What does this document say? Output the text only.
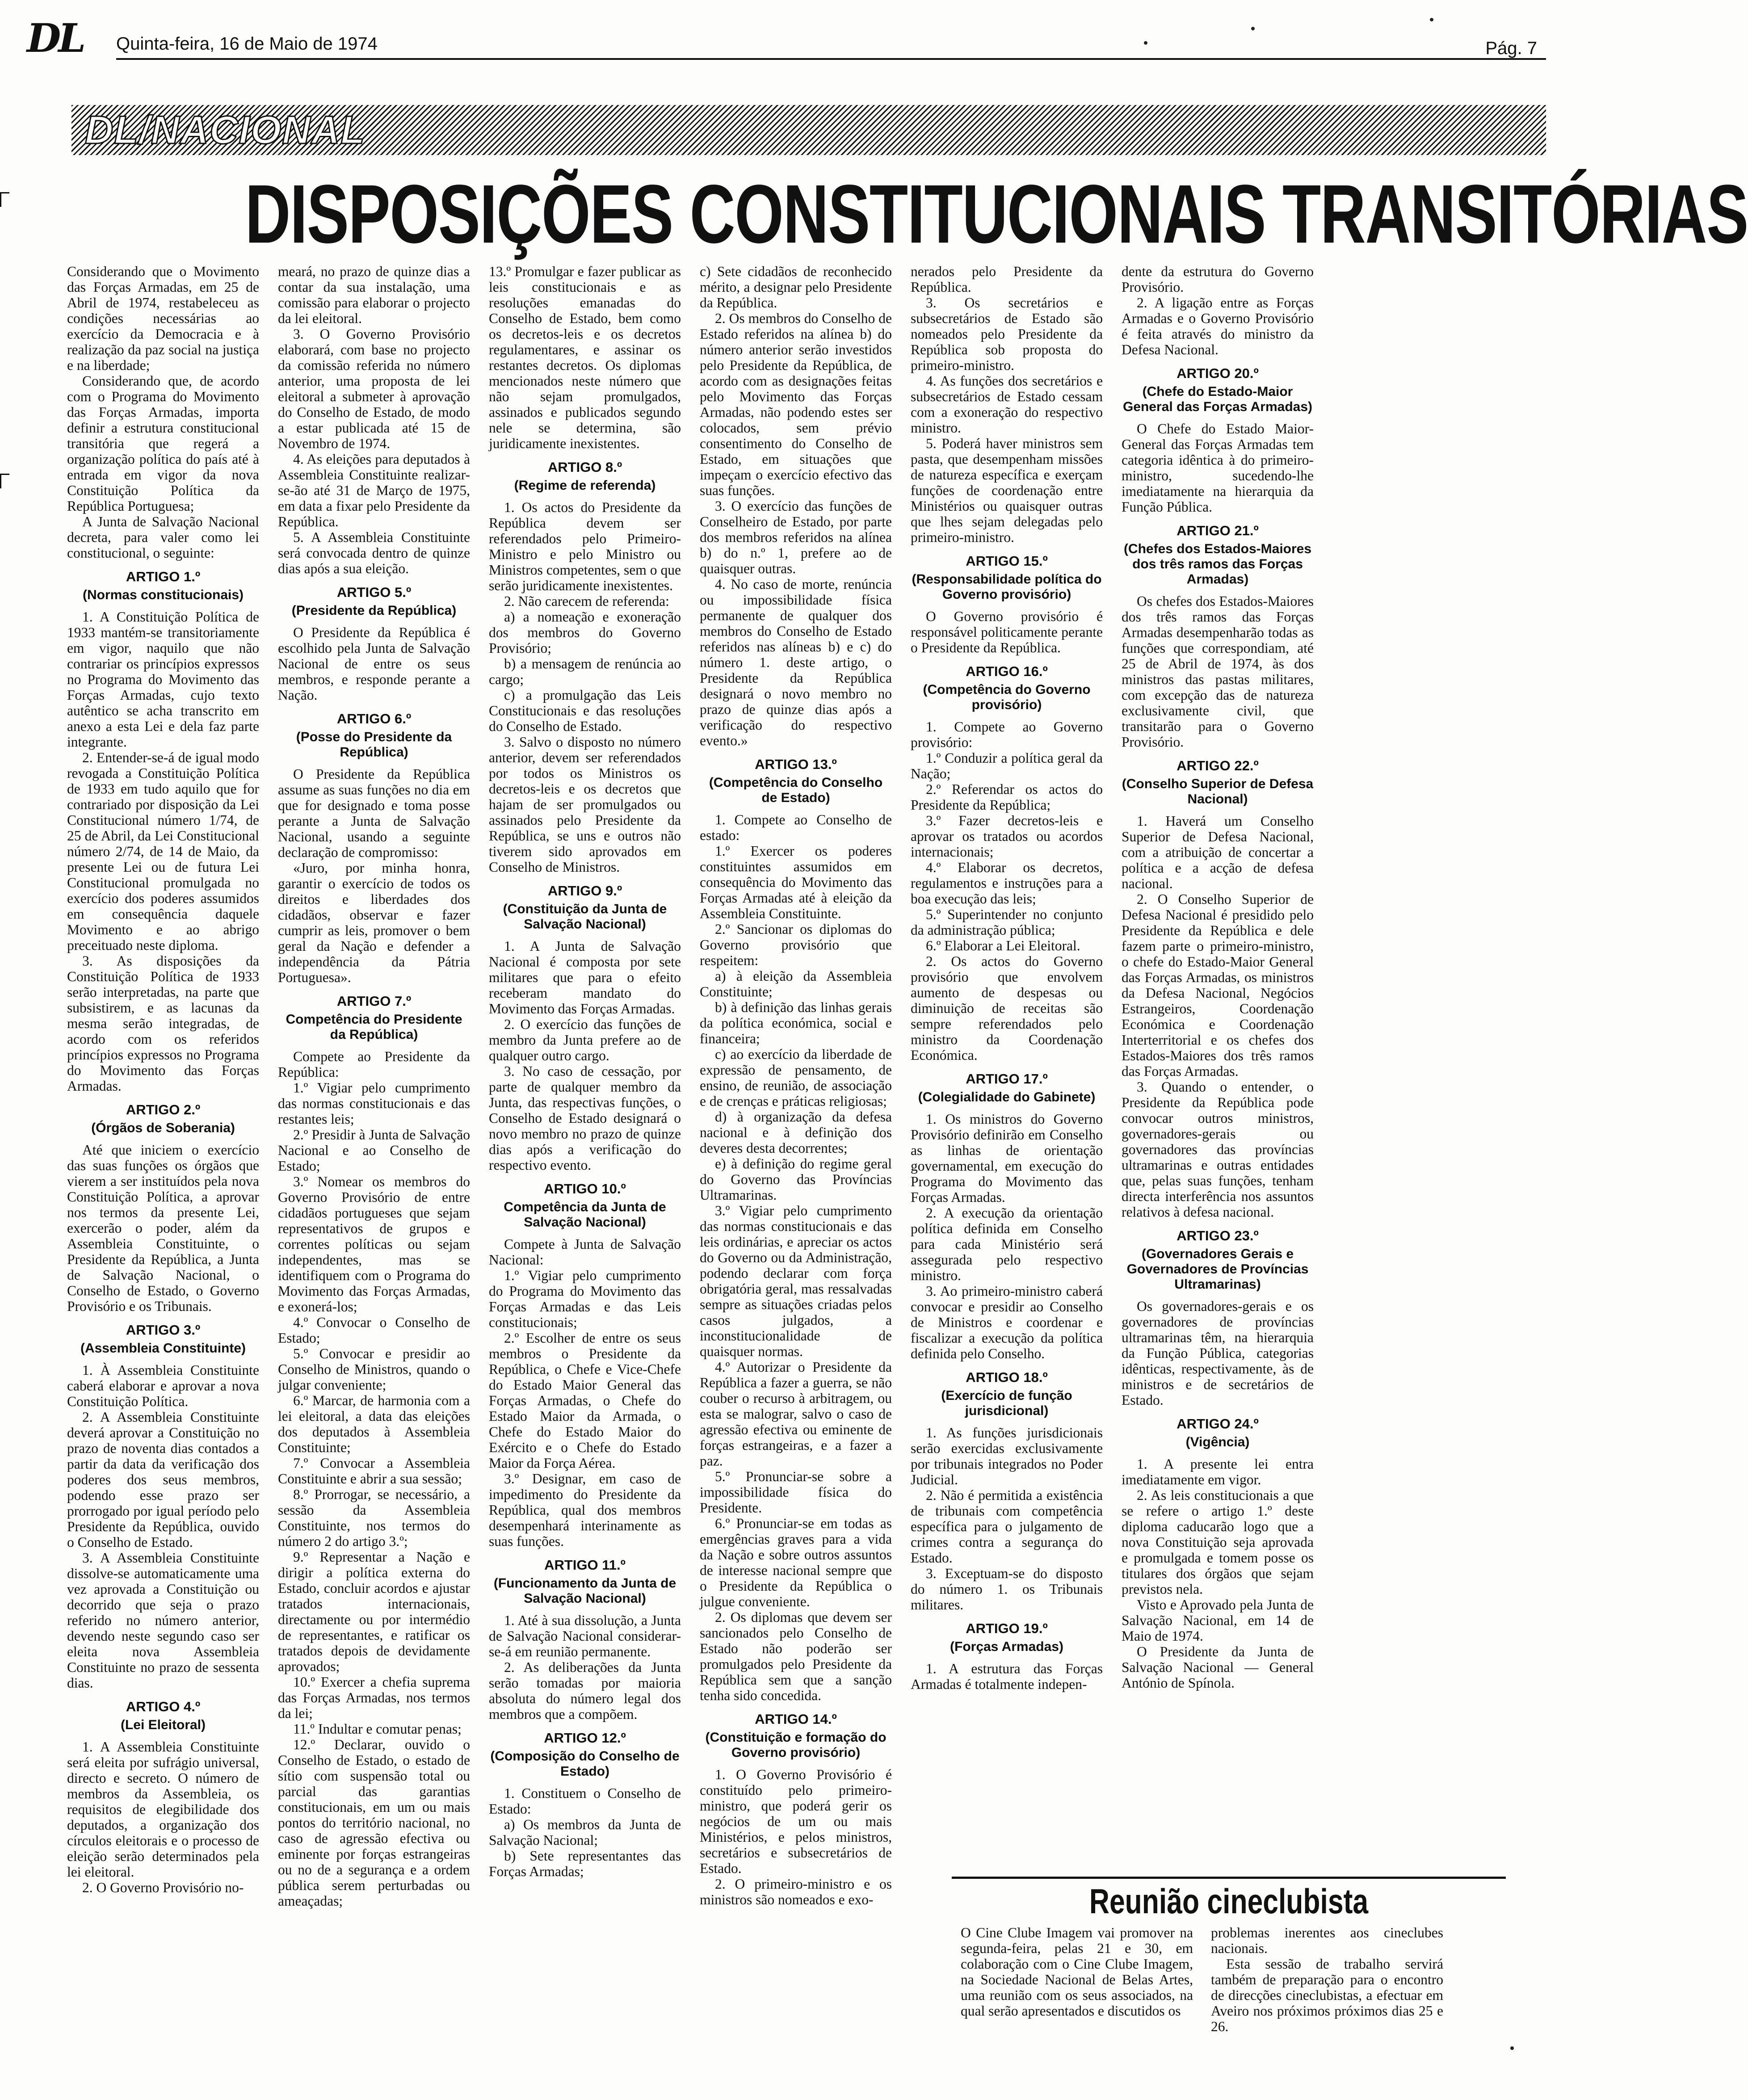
DL Quinta-feira, 16 de Maio de 1974	Pág. 7
DL/NACIONAL
DISPOSIÇÕES CONSTITUCIONAIS TRANSITÓRIAS

Considerando que o Movimento das Forças Armadas, em 25 de Abril de 1974, restabeleceu as condições necessárias ao exercício da Democracia e à realização da paz social na justiça e na liberdade;

Considerando que, de acordo com o Programa do Movimento das Forças Armadas, importa definir a estrutura constitucional transitória que regerá a organização política do país até à entrada em vigor da nova Constituição Política da República Portuguesa;

A Junta de Salvação Nacional decreta, para valer como lei constitucional, o seguinte:

ARTIGO 1.º
(Normas constitucionais)

1. A Constituição Política de 1933 mantém-se transitoriamente em vigor, naquilo que não contrariar os princípios expressos no Programa do Movimento das Forças Armadas, cujo texto autêntico se acha transcrito em anexo a esta Lei e dela faz parte integrante.

2. Entender-se-á de igual modo revogada a Constituição Política de 1933 em tudo aquilo que for contrariado por disposição da Lei Constitucional número 1/74, de 25 de Abril, da Lei Constitucional número 2/74, de 14 de Maio, da presente Lei ou de futura Lei Constitucional promulgada no exercício dos poderes assumidos em consequência daquele Movimento e ao abrigo preceituado neste diploma.

3. As disposições da Constituição Política de 1933 serão interpretadas, na parte que subsistirem, e as lacunas da mesma serão integradas, de acordo com os referidos princípios expressos no Programa do Movimento das Forças Armadas.

ARTIGO 2.º
(Órgãos de Soberania)

Até que iniciem o exercício das suas funções os órgãos que vierem a ser instituídos pela nova Constituição Política, a aprovar nos termos da presente Lei, exercerão o poder, além da Assembleia Constituinte, o Presidente da República, a Junta de Salvação Nacional, o Conselho de Estado, o Governo Provisório e os Tribunais.

ARTIGO 3.º
(Assembleia Constituinte)

1. À Assembleia Constituinte caberá elaborar e aprovar a nova Constituição Política.

2. A Assembleia Constituinte deverá aprovar a Constituição no prazo de noventa dias contados a partir da data da verificação dos poderes dos seus membros, podendo esse prazo ser prorrogado por igual período pelo Presidente da República, ouvido o Conselho de Estado.

3. A Assembleia Constituinte dissolve-se automaticamente uma vez aprovada a Constituição ou decorrido que seja o prazo referido no número anterior, devendo neste segundo caso ser eleita nova Assembleia Constituinte no prazo de sessenta dias.

ARTIGO 4.º
(Lei Eleitoral)

1. A Assembleia Constituinte será eleita por sufrágio universal, directo e secreto. O número de membros da Assembleia, os requisitos de elegibilidade dos deputados, a organização dos círculos eleitorais e o processo de eleição serão determinados pela lei eleitoral.

2. O Governo Provisório no-

meará, no prazo de quinze dias a contar da sua instalação, uma comissão para elaborar o projecto da lei eleitoral.

3. O Governo Provisório elaborará, com base no projecto da comissão referida no número anterior, uma proposta de lei eleitoral a submeter à aprovação do Conselho de Estado, de modo a estar publicada até 15 de Novembro de 1974.

4. As eleições para deputados à Assembleia Constituinte realizar-se-ão até 31 de Março de 1975, em data a fixar pelo Presidente da República.

5. A Assembleia Constituinte será convocada dentro de quinze dias após a sua eleição.

ARTIGO 5.º
(Presidente da República)

O Presidente da República é escolhido pela Junta de Salvação Nacional de entre os seus membros, e responde perante a Nação.

ARTIGO 6.º
(Posse do Presidente da República)

O Presidente da República assume as suas funções no dia em que for designado e toma posse perante a Junta de Salvação Nacional, usando a seguinte declaração de compromisso:

«Juro, por minha honra, garantir o exercício de todos os direitos e liberdades dos cidadãos, observar e fazer cumprir as leis, promover o bem geral da Nação e defender a independência da Pátria Portuguesa».

ARTIGO 7.º
Competência do Presidente da República)

Compete ao Presidente da República:

1.º Vigiar pelo cumprimento das normas constitucionais e das restantes leis;

2.º Presidir à Junta de Salvação Nacional e ao Conselho de Estado;

3.º Nomear os membros do Governo Provisório de entre cidadãos portugueses que sejam representativos de grupos e correntes políticas ou sejam independentes, mas se identifiquem com o Programa do Movimento das Forças Armadas, e exonerá-los;

4.º Convocar o Conselho de Estado;

5.º Convocar e presidir ao Conselho de Ministros, quando o julgar conveniente;

6.º Marcar, de harmonia com a lei eleitoral, a data das eleições dos deputados à Assembleia Constituinte;

7.º Convocar a Assembleia Constituinte e abrir a sua sessão;

8.º Prorrogar, se necessário, a sessão da Assembleia Constituinte, nos termos do número 2 do artigo 3.º;

9.º Representar a Nação e dirigir a política externa do Estado, concluir acordos e ajustar tratados internacionais, directamente ou por intermédio de representantes, e ratificar os tratados depois de devidamente aprovados;

10.º Exercer a chefia suprema das Forças Armadas, nos termos da lei;

11.º Indultar e comutar penas;

12.º Declarar, ouvido o Conselho de Estado, o estado de sítio com suspensão total ou parcial das garantias constitucionais, em um ou mais pontos do território nacional, no caso de agressão efectiva ou eminente por forças estrangeiras ou no de a segurança e a ordem pública serem perturbadas ou ameaçadas;

13.º Promulgar e fazer publicar as leis constitucionais e as resoluções emanadas do Conselho de Estado, bem como os decretos-leis e os decretos regulamentares, e assinar os restantes decretos. Os diplomas mencionados neste número que não sejam promulgados, assinados e publicados segundo nele se determina, são juridicamente inexistentes.

ARTIGO 8.º
(Regime de referenda)

1. Os actos do Presidente da República devem ser referendados pelo Primeiro-Ministro e pelo Ministro ou Ministros competentes, sem o que serão juridicamente inexistentes.

2. Não carecem de referenda:

a) a nomeação e exoneração dos membros do Governo Provisório;

b) a mensagem de renúncia ao cargo;

c) a promulgação das Leis Constitucionais e das resoluções do Conselho de Estado.

3. Salvo o disposto no número anterior, devem ser referendados por todos os Ministros os decretos-leis e os decretos que hajam de ser promulgados ou assinados pelo Presidente da República, se uns e outros não tiverem sido aprovados em Conselho de Ministros.

ARTIGO 9.º
(Constituição da Junta de Salvação Nacional)

1. A Junta de Salvação Nacional é composta por sete militares que para o efeito receberam mandato do Movimento das Forças Armadas.

2. O exercício das funções de membro da Junta prefere ao de qualquer outro cargo.

3. No caso de cessação, por parte de qualquer membro da Junta, das respectivas funções, o Conselho de Estado designará o novo membro no prazo de quinze dias após a verificação do respectivo evento.

ARTIGO 10.º
Competência da Junta de Salvação Nacional)

Compete à Junta de Salvação Nacional:

1.º Vigiar pelo cumprimento do Programa do Movimento das Forças Armadas e das Leis constitucionais;

2.º Escolher de entre os seus membros o Presidente da República, o Chefe e Vice-Chefe do Estado Maior General das Forças Armadas, o Chefe do Estado Maior da Armada, o Chefe do Estado Maior do Exército e o Chefe do Estado Maior da Força Aérea.

3.º Designar, em caso de impedimento do Presidente da República, qual dos membros desempenhará interinamente as suas funções.

ARTIGO 11.º
(Funcionamento da Junta de Salvação Nacional)

1. Até à sua dissolução, a Junta de Salvação Nacional considerar-se-á em reunião permanente.

2. As deliberações da Junta serão tomadas por maioria absoluta do número legal dos membros que a compõem.

ARTIGO 12.º
(Composição do Conselho de Estado)

1. Constituem o Conselho de Estado:

a) Os membros da Junta de Salvação Nacional;

b) Sete representantes das Forças Armadas;

c) Sete cidadãos de reconhecido mérito, a designar pelo Presidente da República.

2. Os membros do Conselho de Estado referidos na alínea b) do número anterior serão investidos pelo Presidente da República, de acordo com as designações feitas pelo Movimento das Forças Armadas, não podendo estes ser colocados, sem prévio consentimento do Conselho de Estado, em situações que impeçam o exercício efectivo das suas funções.

3. O exercício das funções de Conselheiro de Estado, por parte dos membros referidos na alínea b) do n.º 1, prefere ao de quaisquer outras.

4. No caso de morte, renúncia ou impossibilidade física permanente de qualquer dos membros do Conselho de Estado referidos nas alíneas b) e c) do número 1. deste artigo, o Presidente da República designará o novo membro no prazo de quinze dias após a verificação do respectivo evento.»

ARTIGO 13.º
(Competência do Conselho de Estado)

1. Compete ao Conselho de estado:

1.º Exercer os poderes constituintes assumidos em consequência do Movimento das Forças Armadas até à eleição da Assembleia Constituinte.

2.º Sancionar os diplomas do Governo provisório que respeitem:

a) à eleição da Assembleia Constituinte;

b) à definição das linhas gerais da política económica, social e financeira;

c) ao exercício da liberdade de expressão de pensamento, de ensino, de reunião, de associação e de crenças e práticas religiosas;

d) à organização da defesa nacional e à definição dos deveres desta decorrentes;

e) à definição do regime geral do Governo das Províncias Ultramarinas.

3.º Vigiar pelo cumprimento das normas constitucionais e das leis ordinárias, e apreciar os actos do Governo ou da Administração, podendo declarar com força obrigatória geral, mas ressalvadas sempre as situações criadas pelos casos julgados, a inconstitucionalidade de quaisquer normas.

4.º Autorizar o Presidente da República a fazer a guerra, se não couber o recurso à arbitragem, ou esta se malograr, salvo o caso de agressão efectiva ou eminente de forças estrangeiras, e a fazer a paz.

5.º Pronunciar-se sobre a impossibilidade física do Presidente.

6.º Pronunciar-se em todas as emergências graves para a vida da Nação e sobre outros assuntos de interesse nacional sempre que o Presidente da República o julgue conveniente.

2. Os diplomas que devem ser sancionados pelo Conselho de Estado não poderão ser promulgados pelo Presidente da República sem que a sanção tenha sido concedida.

ARTIGO 14.º
(Constituição e formação do Governo provisório)

1. O Governo Provisório é constituído pelo primeiro-ministro, que poderá gerir os negócios de um ou mais Ministérios, e pelos ministros, secretários e subsecretários de Estado.

2. O primeiro-ministro e os ministros são nomeados e exo-

nerados pelo Presidente da República.

3. Os secretários e subsecretários de Estado são nomeados pelo Presidente da República sob proposta do primeiro-ministro.

4. As funções dos secretários e subsecretários de Estado cessam com a exoneração do respectivo ministro.

5. Poderá haver ministros sem pasta, que desempenham missões de natureza específica e exerçam funções de coordenação entre Ministérios ou quaisquer outras que lhes sejam delegadas pelo primeiro-ministro.

ARTIGO 15.º
(Responsabilidade política do Governo provisório)

O Governo provisório é responsável politicamente perante o Presidente da República.

ARTIGO 16.º
(Competência do Governo provisório)

1. Compete ao Governo provisório:

1.º Conduzir a política geral da Nação;

2.º Referendar os actos do Presidente da República;

3.º Fazer decretos-leis e aprovar os tratados ou acordos internacionais;

4.º Elaborar os decretos, regulamentos e instruções para a boa execução das leis;

5.º Superintender no conjunto da administração pública;

6.º Elaborar a Lei Eleitoral.

2. Os actos do Governo provisório que envolvem aumento de despesas ou diminuição de receitas são sempre referendados pelo ministro da Coordenação Económica.

ARTIGO 17.º
(Colegialidade do Gabinete)

1. Os ministros do Governo Provisório definirão em Conselho as linhas de orientação governamental, em execução do Programa do Movimento das Forças Armadas.

2. A execução da orientação política definida em Conselho para cada Ministério será assegurada pelo respectivo ministro.

3. Ao primeiro-ministro caberá convocar e presidir ao Conselho de Ministros e coordenar e fiscalizar a execução da política definida pelo Conselho.

ARTIGO 18.º
(Exercício de função jurisdicional)

1. As funções jurisdicionais serão exercidas exclusivamente por tribunais integrados no Poder Judicial.

2. Não é permitida a existência de tribunais com competência específica para o julgamento de crimes contra a segurança do Estado.

3. Exceptuam-se do disposto do número 1. os Tribunais militares.

ARTIGO 19.º
(Forças Armadas)

1. A estrutura das Forças Armadas é totalmente indepen-

dente da estrutura do Governo Provisório.

2. A ligação entre as Forças Armadas e o Governo Provisório é feita através do ministro da Defesa Nacional.

ARTIGO 20.º
(Chefe do Estado-Maior General das Forças Armadas)

O Chefe do Estado Maior-General das Forças Armadas tem categoria idêntica à do primeiro-ministro, sucedendo-lhe imediatamente na hierarquia da Função Pública.

ARTIGO 21.º
(Chefes dos Estados-Maiores dos três ramos das Forças Armadas)

Os chefes dos Estados-Maiores dos três ramos das Forças Armadas desempenharão todas as funções que correspondiam, até 25 de Abril de 1974, às dos ministros das pastas militares, com excepção das de natureza exclusivamente civil, que transitarão para o Governo Provisório.

ARTIGO 22.º
(Conselho Superior de Defesa Nacional)

1. Haverá um Conselho Superior de Defesa Nacional, com a atribuição de concertar a política e a acção de defesa nacional.

2. O Conselho Superior de Defesa Nacional é presidido pelo Presidente da República e dele fazem parte o primeiro-ministro, o chefe do Estado-Maior General das Forças Armadas, os ministros da Defesa Nacional, Negócios Estrangeiros, Coordenação Económica e Coordenação Interterritorial e os chefes dos Estados-Maiores dos três ramos das Forças Armadas.

3. Quando o entender, o Presidente da República pode convocar outros ministros, governadores-gerais ou governadores das províncias ultramarinas e outras entidades que, pelas suas funções, tenham directa interferência nos assuntos relativos à defesa nacional.

ARTIGO 23.º
(Governadores Gerais e Governadores de Províncias Ultramarinas)

Os governadores-gerais e os governadores de províncias ultramarinas têm, na hierarquia da Função Pública, categorias idênticas, respectivamente, às de ministros e de secretários de Estado.

ARTIGO 24.º
(Vigência)

1. A presente lei entra imediatamente em vigor.

2. As leis constitucionais a que se refere o artigo 1.º deste diploma caducarão logo que a nova Constituição seja aprovada e promulgada e tomem posse os titulares dos órgãos que sejam previstos nela.

Visto e Aprovado pela Junta de Salvação Nacional, em 14 de Maio de 1974.

O Presidente da Junta de Salvação Nacional — General António de Spínola.

Reunião cineclubista

O Cine Clube Imagem vai promover na segunda-feira, pelas 21 e 30, em colaboração com o Cine Clube Imagem, na Sociedade Nacional de Belas Artes, uma reunião com os seus associados, na qual serão apresentados e discutidos os

problemas inerentes aos cineclubes nacionais.

Esta sessão de trabalho servirá também de preparação para o encontro de direcções cineclubistas, a efectuar em Aveiro nos próximos próximos dias 25 e 26.
